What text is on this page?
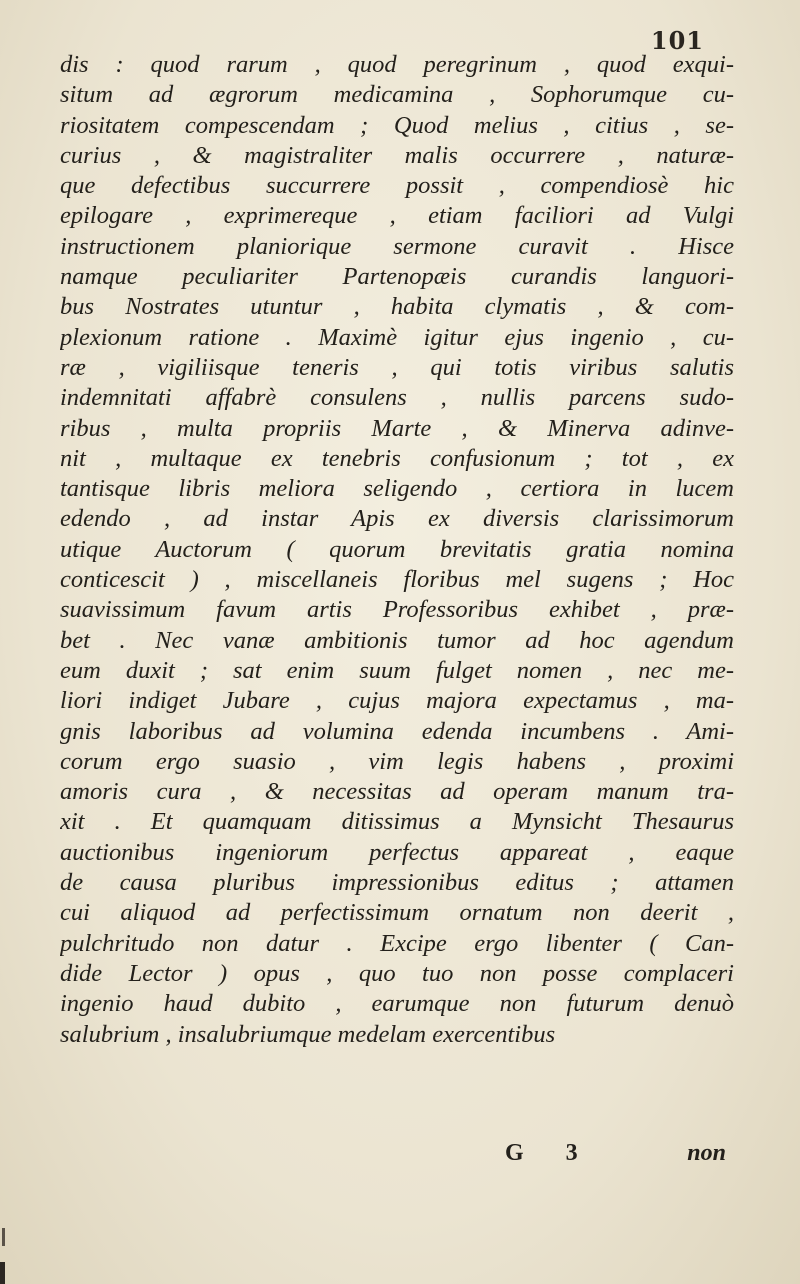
101
dis : quod rarum , quod peregrinum , quod exqui-
situm ad ægrorum medicamina , Sophorumque cu-
riositatem compescendam ; Quod melius , citius , se-
curius , & magistraliter malis occurrere , naturæ-
que defectibus succurrere possit , compendiosè hic
epilogare , exprimereque , etiam faciliori ad Vulgi
instructionem planiorique sermone curavit . Hisce
namque peculiariter Partenopæis curandis languori-
bus Nostrates utuntur , habita clymatis , & com-
plexionum ratione . Maximè igitur ejus ingenio , cu-
ræ , vigiliisque teneris , qui totis viribus salutis
indemnitati affabrè consulens , nullis parcens sudo-
ribus , multa propriis Marte , & Minerva adinve-
nit , multaque ex tenebris confusionum ; tot , ex
tantisque libris meliora seligendo , certiora in lucem
edendo , ad instar Apis ex diversis clarissimorum
utique Auctorum ( quorum brevitatis gratia nomina
conticescit ) , miscellaneis floribus mel sugens ; Hoc
suavissimum favum artis Professoribus exhibet , præ-
bet . Nec vanæ ambitionis tumor ad hoc agendum
eum duxit ; sat enim suum fulget nomen , nec me-
liori indiget Jubare , cujus majora expectamus , ma-
gnis laboribus ad volumina edenda incumbens . Ami-
corum ergo suasio , vim legis habens , proximi
amoris cura , & necessitas ad operam manum tra-
xit . Et quamquam ditissimus a Mynsicht Thesaurus
auctionibus ingeniorum perfectus appareat , eaque
de causa pluribus impressionibus editus ; attamen
cui aliquod ad perfectissimum ornatum non deerit ,
pulchritudo non datur . Excipe ergo libenter ( Can-
dide Lector ) opus , quo tuo non posse complaceri
ingenio haud dubito , earumque non futurum denuò
salubrium , insalubriumque medelam exercentibus
G 3	non
